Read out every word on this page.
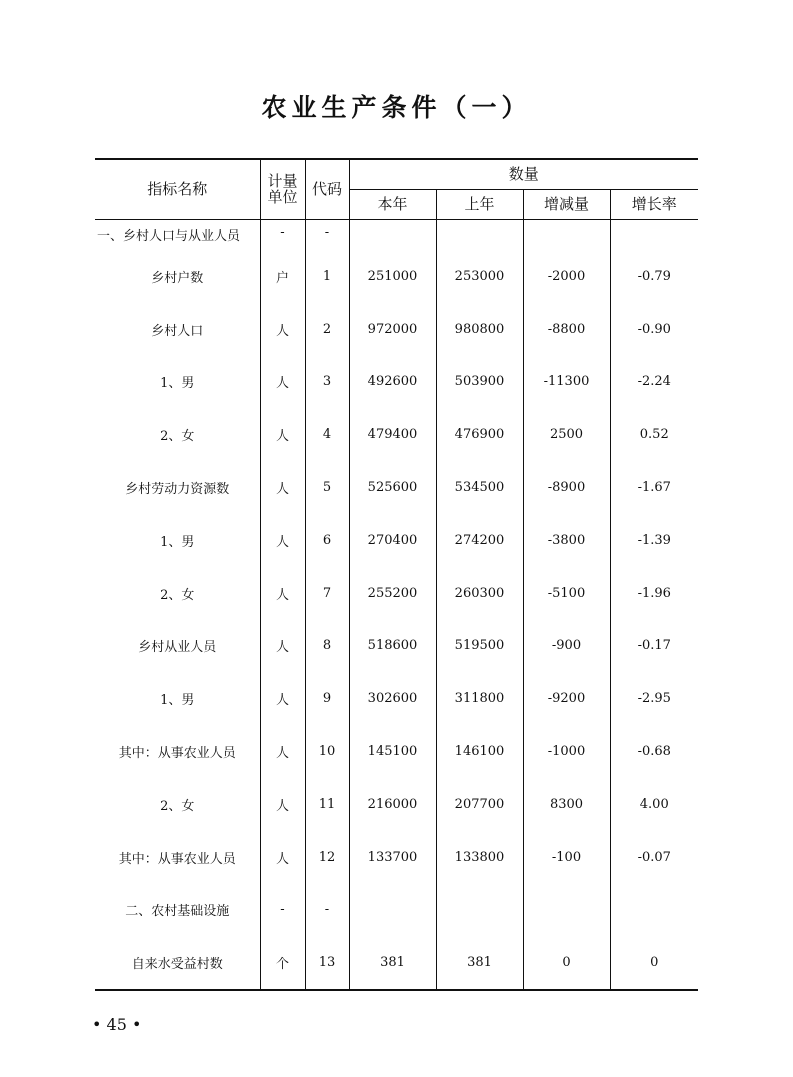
农业生产条件（一）
指标名称	计量单位	代码	数量			
			本年	上年	增减量	增长率
一、乡村人口与从业人员	-	-				
乡村户数	户	1	251000	253000	-2000	-0.79
乡村人口	人	2	972000	980800	-8800	-0.90
1、男	人	3	492600	503900	-11300	-2.24
2、女	人	4	479400	476900	2500	0.52
乡村劳动力资源数	人	5	525600	534500	-8900	-1.67
1、男	人	6	270400	274200	-3800	-1.39
2、女	人	7	255200	260300	-5100	-1.96
乡村从业人员	人	8	518600	519500	-900	-0.17
1、男	人	9	302600	311800	-9200	-2.95
其中：从事农业人员	人	10	145100	146100	-1000	-0.68
2、女	人	11	216000	207700	8300	4.00
其中：从事农业人员	人	12	133700	133800	-100	-0.07
二、农村基础设施	-	-				
自来水受益村数	个	13	381	381	0	0
• 45 •
